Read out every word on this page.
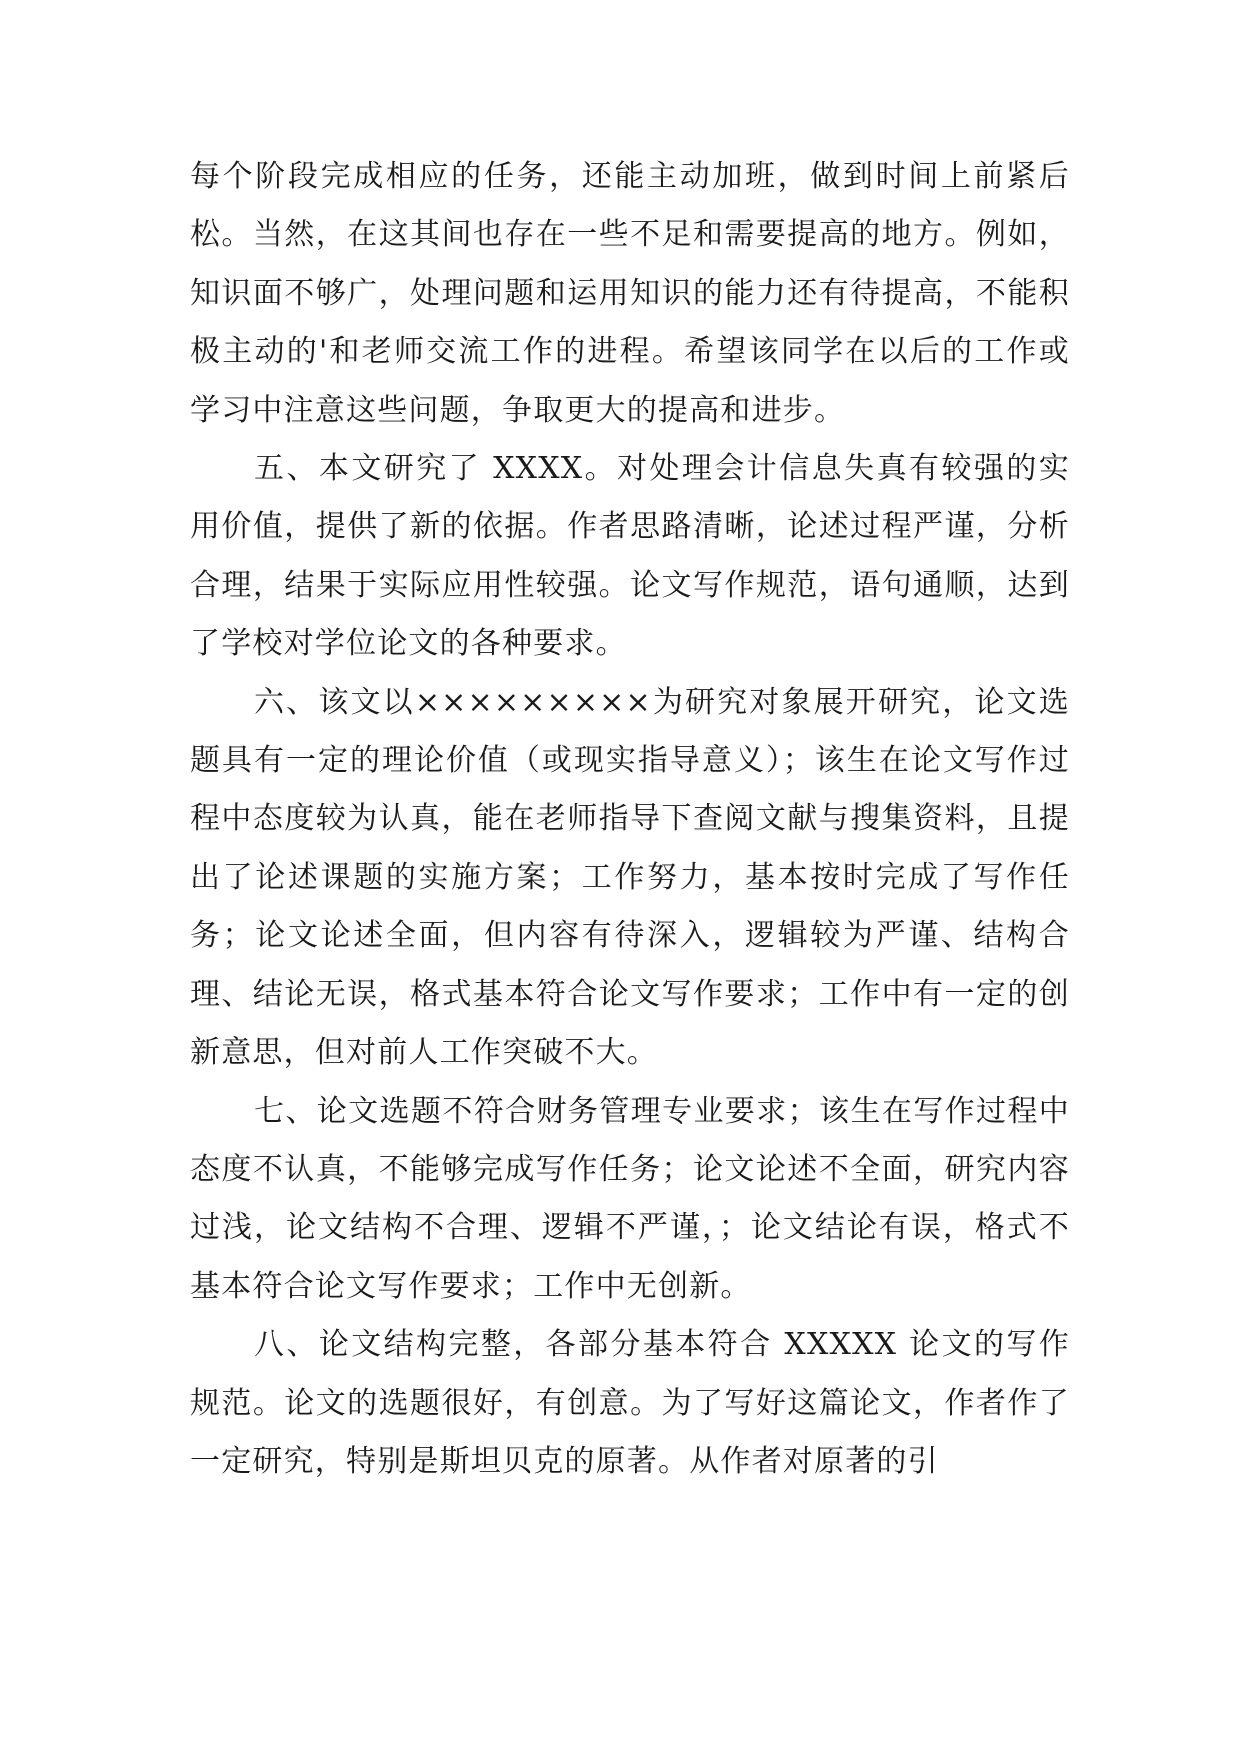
每个阶段完成相应的任务，还能主动加班，做到时间上前紧后松。当然，在这其间也存在一些不足和需要提高的地方。例如，知识面不够广，处理问题和运用知识的能力还有待提高，不能积极主动的'和老师交流工作的进程。希望该同学在以后的工作或学习中注意这些问题，争取更大的提高和进步。

五、本文研究了 XXXX。对处理会计信息失真有较强的实用价值，提供了新的依据。作者思路清晰，论述过程严谨，分析合理，结果于实际应用性较强。论文写作规范，语句通顺，达到了学校对学位论文的各种要求。

六、该文以×××××××××为研究对象展开研究，论文选题具有一定的理论价值（或现实指导意义）；该生在论文写作过程中态度较为认真，能在老师指导下查阅文献与搜集资料，且提出了论述课题的实施方案；工作努力，基本按时完成了写作任务；论文论述全面，但内容有待深入，逻辑较为严谨、结构合理、结论无误，格式基本符合论文写作要求；工作中有一定的创新意思，但对前人工作突破不大。

七、论文选题不符合财务管理专业要求；该生在写作过程中态度不认真，不能够完成写作任务；论文论述不全面，研究内容过浅，论文结构不合理、逻辑不严谨，；论文结论有误，格式不基本符合论文写作要求；工作中无创新。

八、论文结构完整，各部分基本符合 XXXXX 论文的写作规范。论文的选题很好，有创意。为了写好这篇论文，作者作了一定研究，特别是斯坦贝克的原著。从作者对原著的引
